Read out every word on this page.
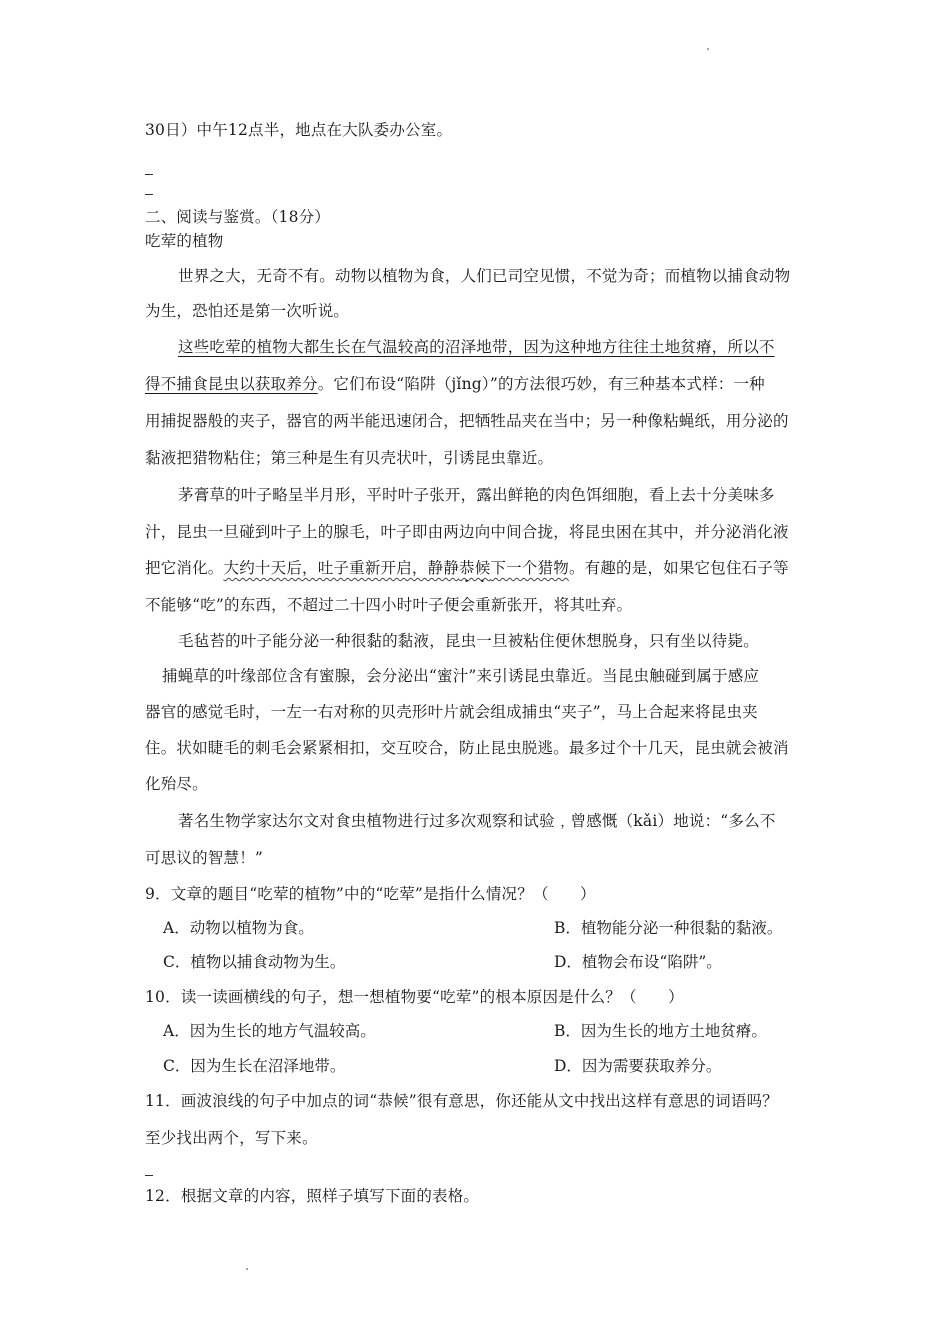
30日）中午12点半，地点在大队委办公室。
二、阅读与鉴赏。（18分）
吃荤的植物
世界之大，无奇不有。动物以植物为食，人们已司空见惯，不觉为奇；而植物以捕食动物
为生，恐怕还是第一次听说。
这些吃荤的植物大都生长在气温较高的沼泽地带，因为这种地方往往土地贫瘠，所以不
得不捕食昆虫以获取养分。它们布设“陷阱（jǐng）”的方法很巧妙，有三种基本式样：一种
用捕捉器般的夹子，器官的两半能迅速闭合，把牺牲品夹在当中；另一种像粘蝇纸，用分泌的
黏液把猎物粘住；第三种是生有贝壳状叶，引诱昆虫靠近。
茅膏草的叶子略呈半月形，平时叶子张开，露出鲜艳的肉色饵细胞，看上去十分美味多
汁，昆虫一旦碰到叶子上的腺毛，叶子即由两边向中间合拢，将昆虫困在其中，并分泌消化液
把它消化。大约十天后，吐子重新开启，静静恭候下一个猎物。有趣的是，如果它包住石子等
不能够“吃”的东西，不超过二十四小时叶子便会重新张开，将其吐弃。
毛毡苔的叶子能分泌一种很黏的黏液，昆虫一旦被粘住便休想脱身，只有坐以待毙。
捕蝇草的叶缘部位含有蜜腺，会分泌出“蜜汁”来引诱昆虫靠近。当昆虫触碰到属于感应
器官的感觉毛时，一左一右对称的贝壳形叶片就会组成捕虫“夹子”，马上合起来将昆虫夹
住。状如睫毛的刺毛会紧紧相扣，交互咬合，防止昆虫脱逃。最多过个十几天，昆虫就会被消
化殆尽。
著名生物学家达尔文对食虫植物进行过多次观察和试验﹐曾感慨（kǎi）地说：“多么不
可思议的智慧！”
9．文章的题目“吃荤的植物”中的“吃荤”是指什么情况？（　　）
A．动物以植物为食。	B．植物能分泌一种很黏的黏液。
C．植物以捕食动物为生。	D．植物会布设“陷阱”。
10．读一读画横线的句子，想一想植物要“吃荤”的根本原因是什么？（　　）
A．因为生长的地方气温较高。	B．因为生长的地方土地贫瘠。
C．因为生长在沼泽地带。	D．因为需要获取养分。
11．画波浪线的句子中加点的词“恭候”很有意思，你还能从文中找出这样有意思的词语吗？
至少找出两个，写下来。
12．根据文章的内容，照样子填写下面的表格。
